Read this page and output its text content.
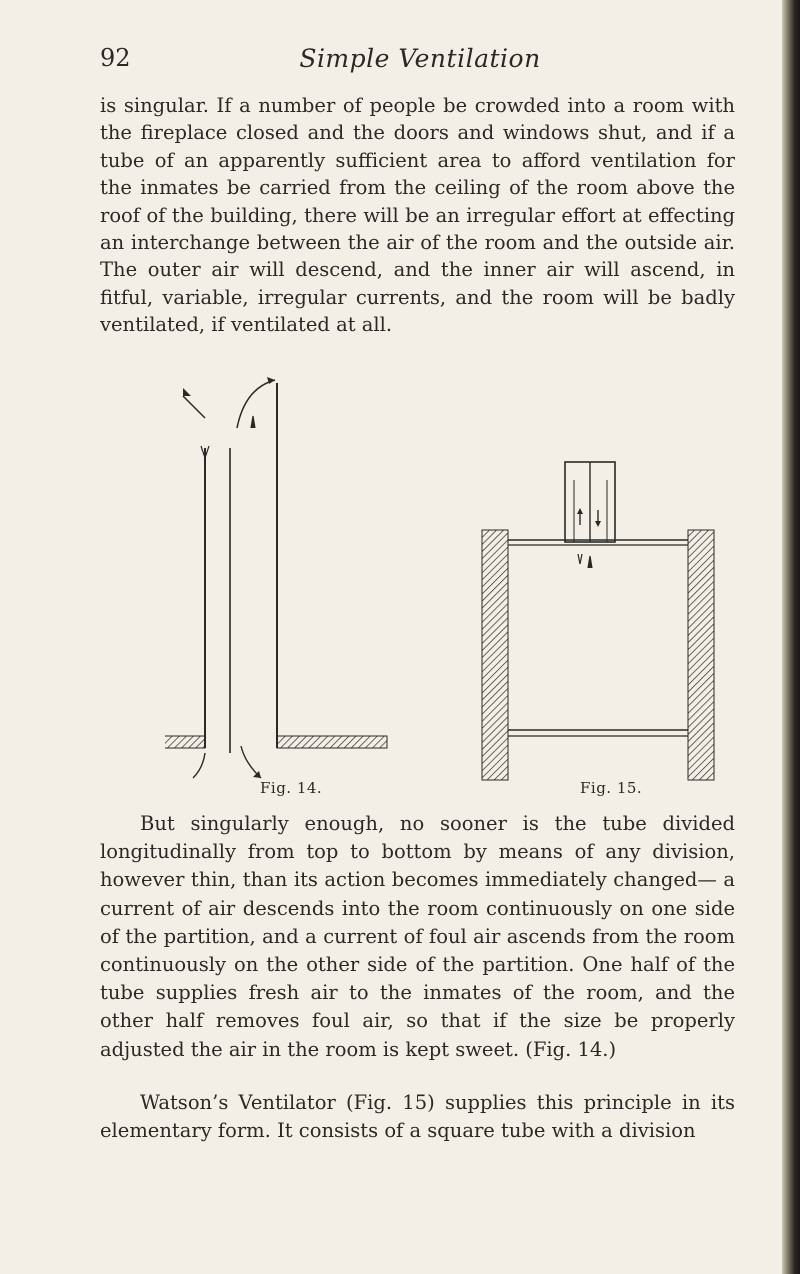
92	Simple Ventilation

is singular. If a number of people be crowded into a room with the fireplace closed and the doors and windows shut, and if a tube of an apparently sufficient area to afford ventilation for the inmates be carried from the ceiling of the room above the roof of the building, there will be an irregular effort at effecting an interchange between the air of the room and the outside air. The outer air will descend, and the inner air will ascend, in fitful, variable, irregular currents, and the room will be badly ventilated, if ventilated at all.

Fig. 14.	Fig. 15.

But singularly enough, no sooner is the tube divided longitudinally from top to bottom by means of any division, however thin, than its action becomes immediately changed— a current of air descends into the room continuously on one side of the partition, and a current of foul air ascends from the room continuously on the other side of the partition. One half of the tube supplies fresh air to the inmates of the room, and the other half removes foul air, so that if the size be properly adjusted the air in the room is kept sweet. (Fig. 14.)

Watson’s Ventilator (Fig. 15) supplies this principle in its elementary form. It consists of a square tube with a division
